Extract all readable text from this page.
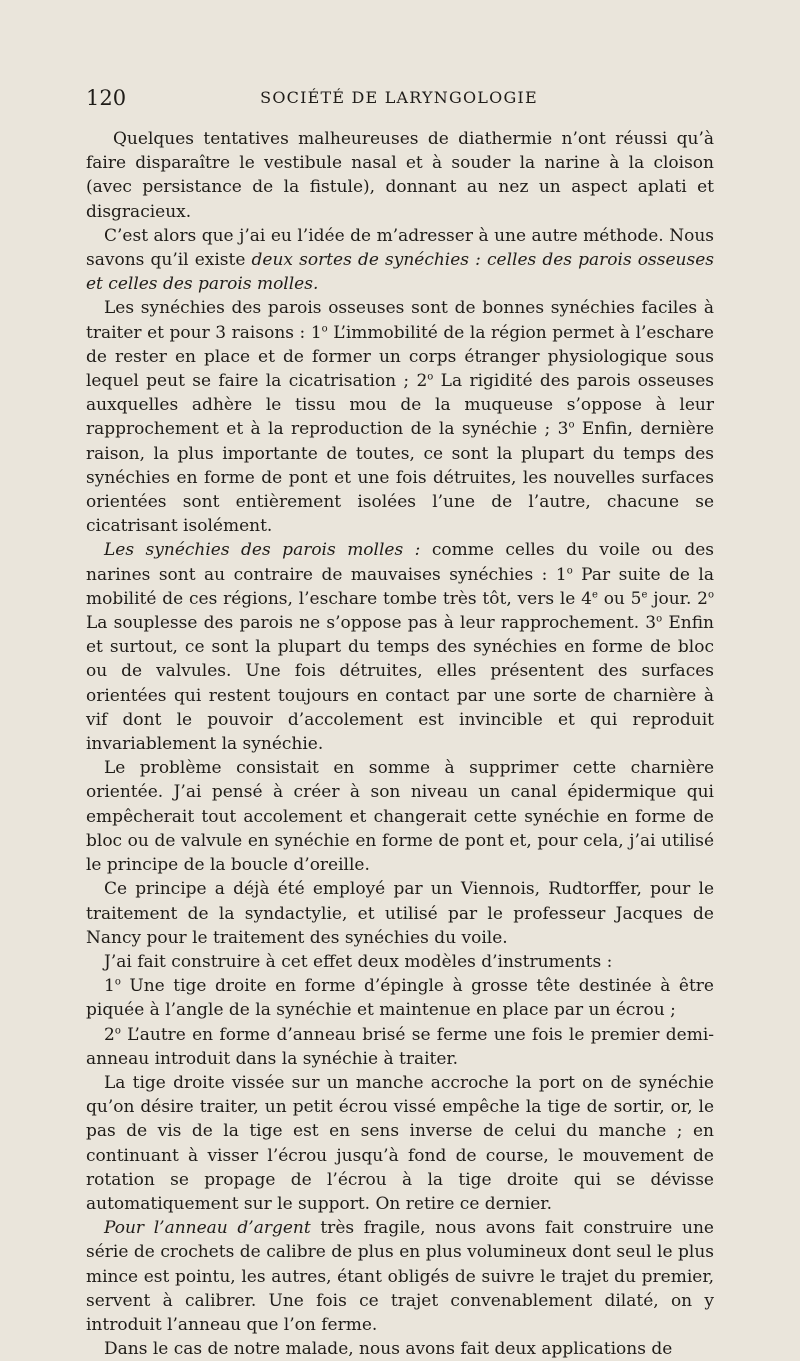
120	SOCIÉTÉ DE LARYNGOLOGIE

Quelques tentatives malheureuses de diathermie n’ont réussi qu’à faire disparaître le vestibule nasal et à souder la narine à la cloison (avec persistance de la fistule), donnant au nez un aspect aplati et disgracieux.

C’est alors que j’ai eu l’idée de m’adresser à une autre méthode. Nous savons qu’il existe deux sortes de synéchies : celles des parois osseuses et celles des parois molles.

Les synéchies des parois osseuses sont de bonnes synéchies faciles à traiter et pour 3 raisons : 1$^o$ L’immobilité de la région permet à l’eschare de rester en place et de former un corps étranger physiologique sous lequel peut se faire la cicatrisation ; 2$^o$ La rigidité des parois osseuses auxquelles adhère le tissu mou de la muqueuse s’oppose à leur rapprochement et à la reproduction de la synéchie ; 3$^o$ Enfin, dernière raison, la plus importante de toutes, ce sont la plupart du temps des synéchies en forme de pont et une fois détruites, les nouvelles surfaces orientées sont entièrement isolées l’une de l’autre, chacune se cicatrisant isolément.

Les synéchies des parois molles : comme celles du voile ou des narines sont au contraire de mauvaises synéchies : 1$^o$ Par suite de la mobilité de ces régions, l’eschare tombe très tôt, vers le 4e ou 5e jour. 2$^o$ La souplesse des parois ne s’oppose pas à leur rapprochement. 3$^o$ Enfin et surtout, ce sont la plupart du temps des synéchies en forme de bloc ou de valvules. Une fois détruites, elles présentent des surfaces orientées qui restent toujours en contact par une sorte de charnière à vif dont le pouvoir d’accolement est invincible et qui reproduit invariablement la synéchie.

Le problème consistait en somme à supprimer cette charnière orientée. J’ai pensé à créer à son niveau un canal épidermique qui empêcherait tout accolement et changerait cette synéchie en forme de bloc ou de valvule en synéchie en forme de pont et, pour cela, j’ai utilisé le principe de la boucle d’oreille.

Ce principe a déjà été employé par un Viennois, Rudtorffer, pour le traitement de la syndactylie, et utilisé par le professeur Jacques de Nancy pour le traitement des synéchies du voile.

J’ai fait construire à cet effet deux modèles d’instruments :

1$^o$ Une tige droite en forme d’épingle à grosse tête destinée à être piquée à l’angle de la synéchie et maintenue en place par un écrou ;

2$^o$ L’autre en forme d’anneau brisé se ferme une fois le premier demi-anneau introduit dans la synéchie à traiter.

La tige droite vissée sur un manche accroche la port on de synéchie qu’on désire traiter, un petit écrou vissé empêche la tige de sortir, or, le pas de vis de la tige est en sens inverse de celui du manche ; en continuant à visser l’écrou jusqu’à fond de course, le mouvement de rotation se propage de l’écrou à la tige droite qui se dévisse automatiquement sur le support. On retire ce dernier.

Pour l’anneau d’argent très fragile, nous avons fait construire une série de crochets de calibre de plus en plus volumineux dont seul le plus mince est pointu, les autres, étant obligés de suivre le trajet du premier, servent à calibrer. Une fois ce trajet convenablement dilaté, on y introduit l’anneau que l’on ferme.

Dans le cas de notre malade, nous avons fait deux applications de
